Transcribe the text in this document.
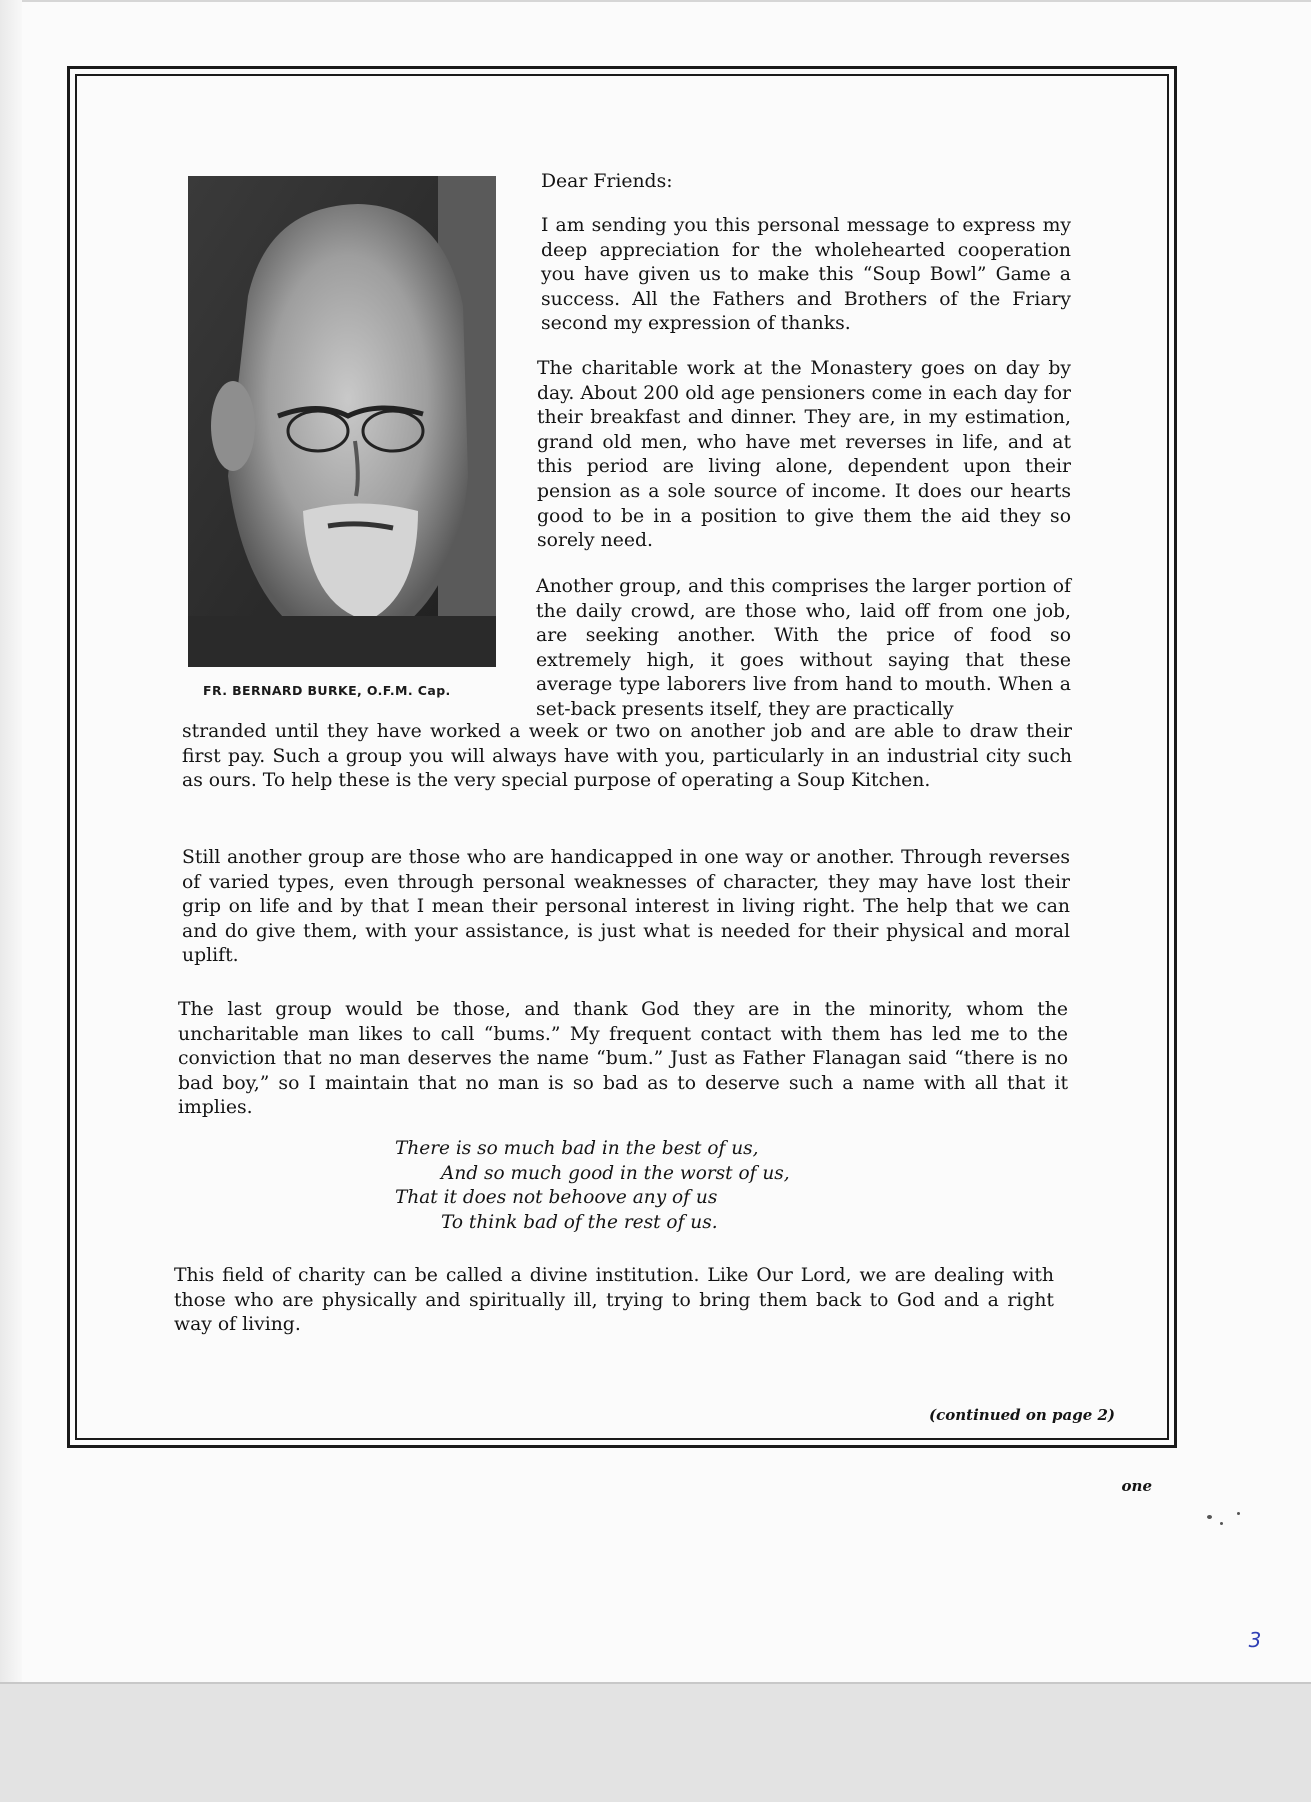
FR. BERNARD BURKE, O.F.M. Cap.
Dear Friends:

I am sending you this personal message to express my deep appreciation for the wholehearted cooperation you have given us to make this “Soup Bowl” Game a success. All the Fathers and Brothers of the Friary second my expression of thanks.

The charitable work at the Monastery goes on day by day. About 200 old age pensioners come in each day for their breakfast and dinner. They are, in my estimation, grand old men, who have met reverses in life, and at this period are living alone, dependent upon their pension as a sole source of income. It does our hearts good to be in a position to give them the aid they so sorely need.

Another group, and this comprises the larger portion of the daily crowd, are those who, laid off from one job, are seeking another. With the price of food so extremely high, it goes without saying that these average type laborers live from hand to mouth. When a set-back presents itself, they are practically

stranded until they have worked a week or two on another job and are able to draw their first pay. Such a group you will always have with you, particularly in an industrial city such as ours. To help these is the very special purpose of operating a Soup Kitchen.

Still another group are those who are handicapped in one way or another. Through reverses of varied types, even through personal weaknesses of character, they may have lost their grip on life and by that I mean their personal interest in living right. The help that we can and do give them, with your assistance, is just what is needed for their physical and moral uplift.

The last group would be those, and thank God they are in the minority, whom the uncharitable man likes to call “bums.” My frequent contact with them has led me to the conviction that no man deserves the name “bum.” Just as Father Flanagan said “there is no bad boy,” so I maintain that no man is so bad as to deserve such a name with all that it implies.

There is so much bad in the best of us,
And so much good in the worst of us,
That it does not behoove any of us
To think bad of the rest of us.

This field of charity can be called a divine institution. Like Our Lord, we are dealing with those who are physically and spiritually ill, trying to bring them back to God and a right way of living.

(continued on page 2)
one
3
